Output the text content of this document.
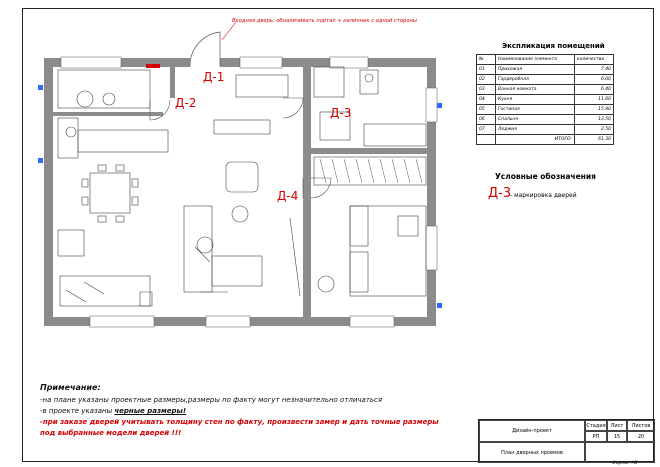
Входная дверь, обналичивать портал + наличник с одной стороны
Д-1
Д-2
Д-3
Д-4
Экспликация помещений
№	Наименование элемента	количество
01	Прихожая	7.40
02	Гардеробная	6.00
03	Ванная комната	6.40
04	Кухня	11.60
05	Гостиная	15.90
06	Спальня	13.50
07	Лоджия	2.50
	ИТОГО:	61.30
Условные обозначения
Д-3
- маркировка дверей
Примечание:
-на плане указаны проектные размеры,размеры по факту могут незначительно отличаться
-в проекте указаны черные размеры!
-при заказе дверей учитывать толщину стен по факту, произвести замер и дать точные размеры
под выбранные модели дверей !!!	Дизайн-проект
План дверных проемов
Стадия	Лист	Листов
РП	15	20
Формат А3
